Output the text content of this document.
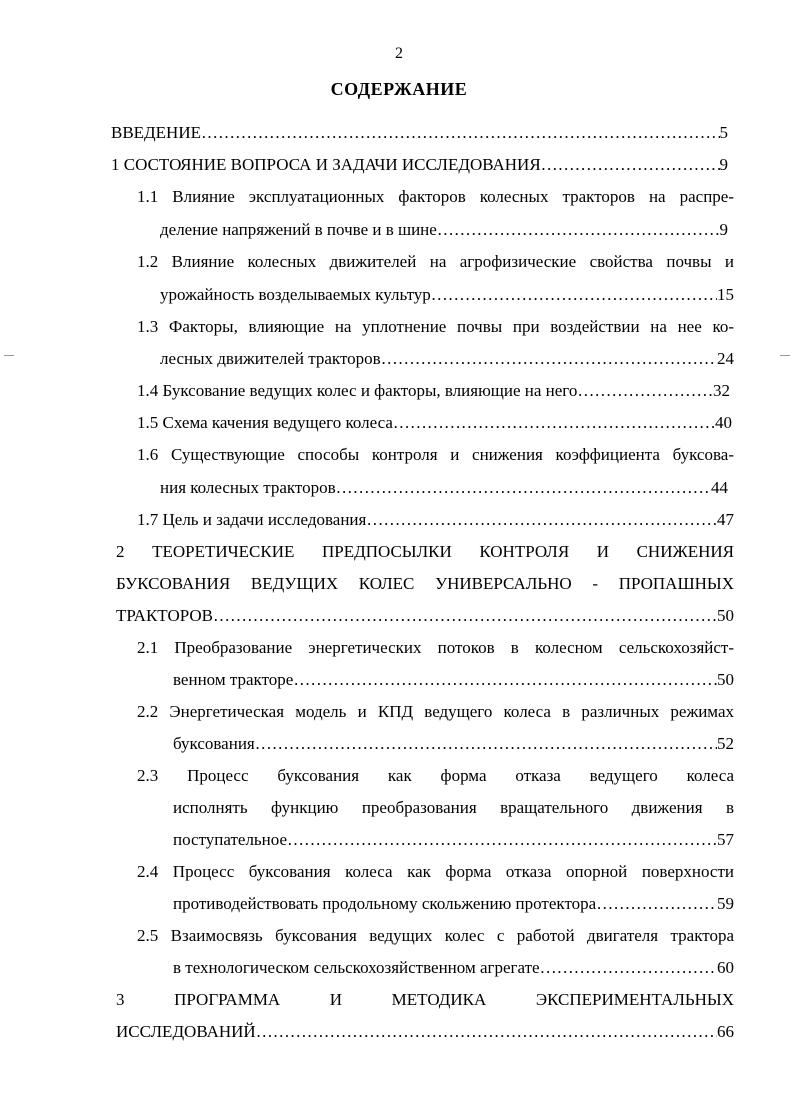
2
СОДЕРЖАНИЕ
ВВЕДЕНИЕ …………………………………………………………………………………………………………………………………………………………………	5
1 СОСТОЯНИЕ ВОПРОСА И ЗАДАЧИ ИССЛЕДОВАНИЯ …………………………………………………………………………………………………………………………………………………………………	9
1.1 Влияние эксплуатационных факторов колесных тракторов на распре-
деление напряжений в почве и в шине …………………………………………………………………………………………………………………………………………………………………	9
1.2 Влияние колесных движителей на агрофизические свойства почвы и
урожайность возделываемых культур …………………………………………………………………………………………………………………………………………………………………	15
1.3 Факторы, влияющие на уплотнение почвы при воздействии на нее ко-
лесных движителей тракторов …………………………………………………………………………………………………………………………………………………………………	24
1.4 Буксование ведущих колес и факторы, влияющие на него …………………………………………………………………………………………………………………………………………………………………	32
1.5 Схема качения ведущего колеса …………………………………………………………………………………………………………………………………………………………………	40
1.6 Существующие способы контроля и снижения коэффициента буксова-
ния колесных тракторов …………………………………………………………………………………………………………………………………………………………………	44
1.7 Цель и задачи исследования …………………………………………………………………………………………………………………………………………………………………	47
2 ТЕОРЕТИЧЕСКИЕ ПРЕДПОСЫЛКИ КОНТРОЛЯ И СНИЖЕНИЯ
БУКСОВАНИЯ ВЕДУЩИХ КОЛЕС УНИВЕРСАЛЬНО - ПРОПАШНЫХ
ТРАКТОРОВ …………………………………………………………………………………………………………………………………………………………………	50
2.1 Преобразование энергетических потоков в колесном сельскохозяйст-
венном тракторе …………………………………………………………………………………………………………………………………………………………………	50
2.2 Энергетическая модель и КПД ведущего колеса в различных режимах
буксования …………………………………………………………………………………………………………………………………………………………………	52
2.3 Процесс буксования как форма отказа ведущего колеса
исполнять функцию преобразования вращательного движения в
поступательное …………………………………………………………………………………………………………………………………………………………………	57
2.4 Процесс буксования колеса как форма отказа опорной поверхности
противодействовать продольному скольжению протектора …………………………………………………………………………………………………………………………………………………………………	59
2.5 Взаимосвязь буксования ведущих колес с работой двигателя трактора
в технологическом сельскохозяйственном агрегате …………………………………………………………………………………………………………………………………………………………………	60
3 ПРОГРАММА И МЕТОДИКА ЭКСПЕРИМЕНТАЛЬНЫХ
ИССЛЕДОВАНИЙ …………………………………………………………………………………………………………………………………………………………………	66
